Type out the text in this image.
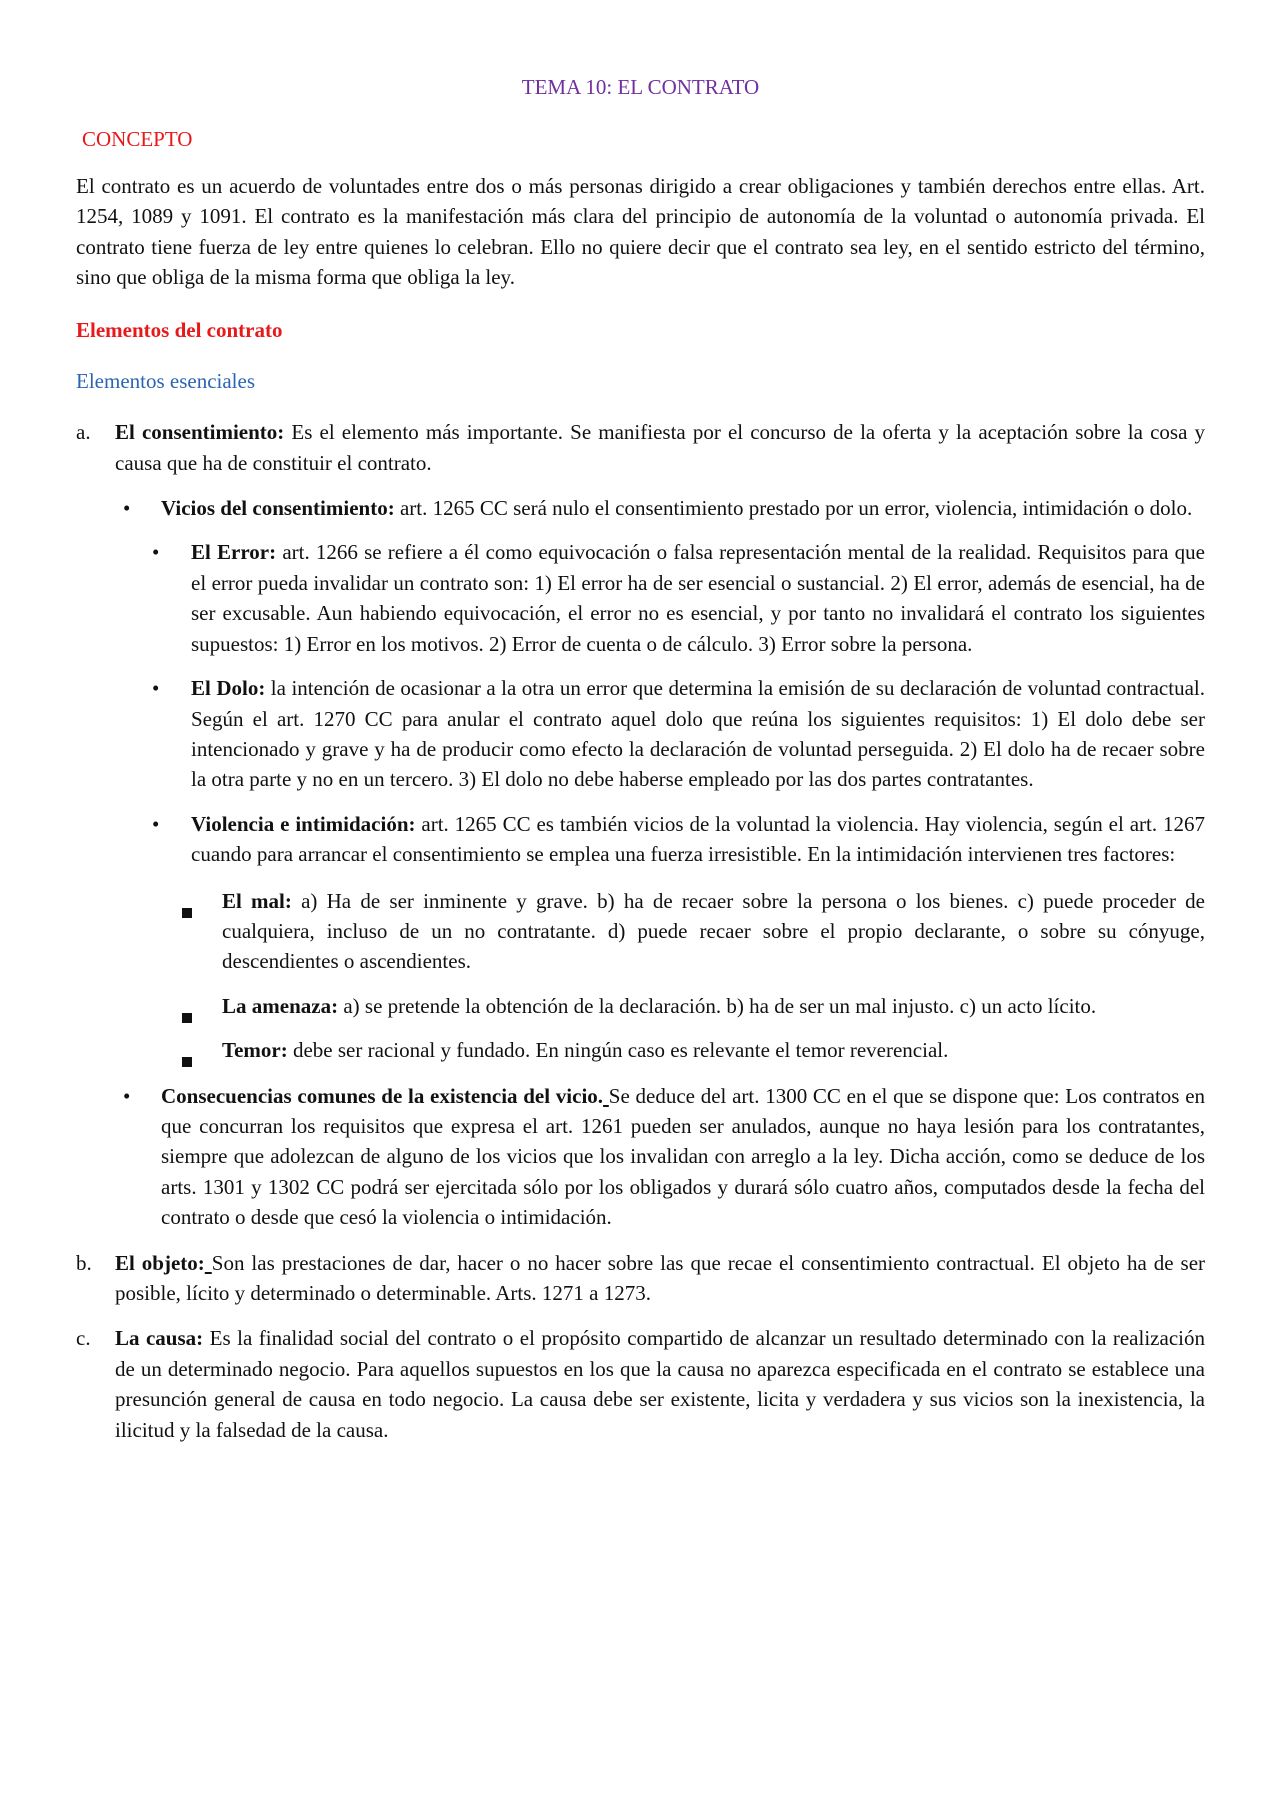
TEMA 10: EL CONTRATO
CONCEPTO

El contrato es un acuerdo de voluntades entre dos o más personas dirigido a crear obligaciones y también derechos entre ellas. Art. 1254, 1089 y 1091. El contrato es la manifestación más clara del principio de autonomía de la voluntad o autonomía privada. El contrato tiene fuerza de ley entre quienes lo celebran. Ello no quiere decir que el contrato sea ley, en el sentido estricto del término, sino que obliga de la misma forma que obliga la ley.

Elementos del contrato
Elementos esenciales
a. El consentimiento: Es el elemento más importante. Se manifiesta por el concurso de la oferta y la aceptación sobre la cosa y causa que ha de constituir el contrato.
• Vicios del consentimiento: art. 1265 CC será nulo el consentimiento prestado por un error, violencia, intimidación o dolo.
• El Error: art. 1266 se refiere a él como equivocación o falsa representación mental de la realidad. Requisitos para que el error pueda invalidar un contrato son: 1) El error ha de ser esencial o sustancial. 2) El error, además de esencial, ha de ser excusable. Aun habiendo equivocación, el error no es esencial, y por tanto no invalidará el contrato los siguientes supuestos: 1) Error en los motivos. 2) Error de cuenta o de cálculo. 3) Error sobre la persona.
• El Dolo: la intención de ocasionar a la otra un error que determina la emisión de su declaración de voluntad contractual. Según el art. 1270 CC para anular el contrato aquel dolo que reúna los siguientes requisitos: 1) El dolo debe ser intencionado y grave y ha de producir como efecto la declaración de voluntad perseguida. 2) El dolo ha de recaer sobre la otra parte y no en un tercero. 3) El dolo no debe haberse empleado por las dos partes contratantes.
• Violencia e intimidación: art. 1265 CC es también vicios de la voluntad la violencia. Hay violencia, según el art. 1267 cuando para arrancar el consentimiento se emplea una fuerza irresistible. En la intimidación intervienen tres factores:
El mal: a) Ha de ser inminente y grave. b) ha de recaer sobre la persona o los bienes. c) puede proceder de cualquiera, incluso de un no contratante. d) puede recaer sobre el propio declarante, o sobre su cónyuge, descendientes o ascendientes.
La amenaza: a) se pretende la obtención de la declaración. b) ha de ser un mal injusto. c) un acto lícito.
Temor: debe ser racional y fundado. En ningún caso es relevante el temor reverencial.
• Consecuencias comunes de la existencia del vicio. Se deduce del art. 1300 CC en el que se dispone que: Los contratos en que concurran los requisitos que expresa el art. 1261 pueden ser anulados, aunque no haya lesión para los contratantes, siempre que adolezcan de alguno de los vicios que los invalidan con arreglo a la ley. Dicha acción, como se deduce de los arts. 1301 y 1302 CC podrá ser ejercitada sólo por los obligados y durará sólo cuatro años, computados desde la fecha del contrato o desde que cesó la violencia o intimidación.
b. El objeto: Son las prestaciones de dar, hacer o no hacer sobre las que recae el consentimiento contractual. El objeto ha de ser posible, lícito y determinado o determinable. Arts. 1271 a 1273.
c. La causa: Es la finalidad social del contrato o el propósito compartido de alcanzar un resultado determinado con la realización de un determinado negocio. Para aquellos supuestos en los que la causa no aparezca especificada en el contrato se establece una presunción general de causa en todo negocio. La causa debe ser existente, licita y verdadera y sus vicios son la inexistencia, la ilicitud y la falsedad de la causa.
